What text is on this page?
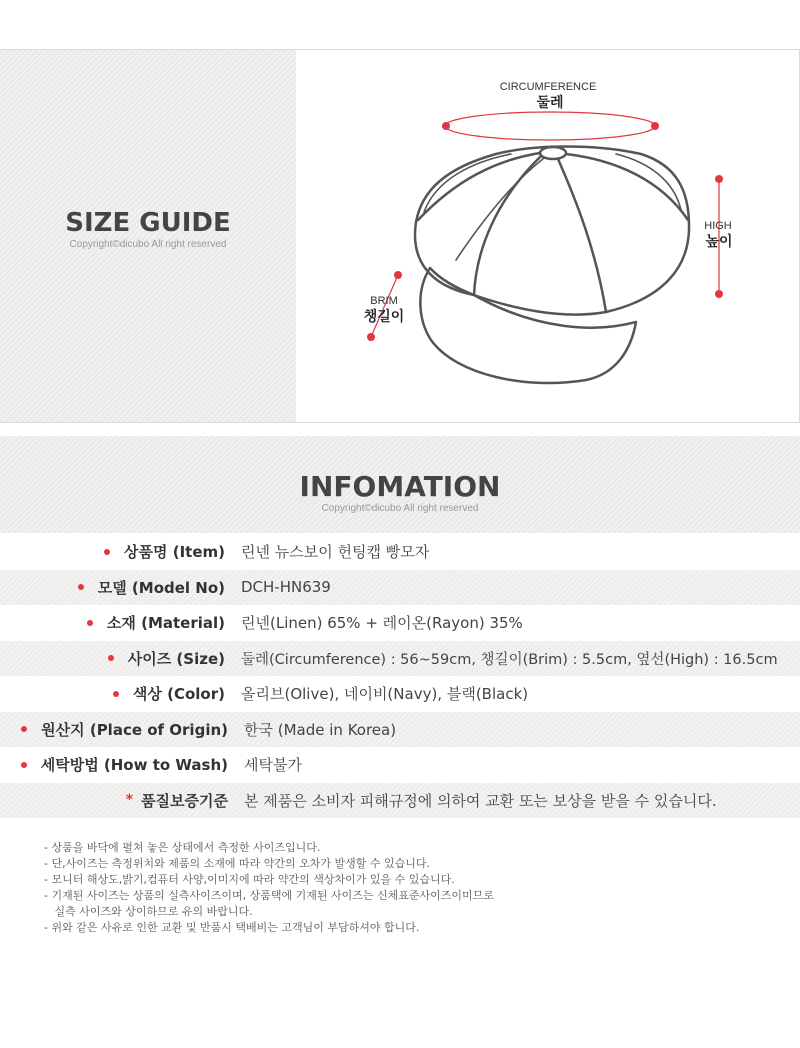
SIZE GUIDE
Copyright©dicubo All right reserved
CIRCUMFERENCE
둘레
HIGH
높이
BRIM
챙길이
INFOMATION
Copyright©dicubo All right reserved
상품명 (Item) 린넨 뉴스보이 헌팅캡 빵모자
모델 (Model No) DCH-HN639
소재 (Material) 린넨(Linen) 65% + 레이온(Rayon) 35%
사이즈 (Size) 둘레(Circumference) : 56~59cm, 챙길이(Brim) : 5.5cm, 옆선(High) : 16.5cm
색상 (Color) 올리브(Olive), 네이비(Navy), 블랙(Black)
원산지 (Place of Origin) 한국 (Made in Korea)
세탁방법 (How to Wash) 세탁불가
* 품질보증기준 본 제품은 소비자 피해규정에 의하여 교환 또는 보상을 받을 수 있습니다.
- 상품을 바닥에 펼쳐 놓은 상태에서 측정한 사이즈입니다.
- 단,사이즈는 측정위치와 제품의 소재에 따라 약간의 오차가 발생할 수 있습니다.
- 모니터 해상도,밝기,컴퓨터 사양,이미지에 따라 약간의 색상차이가 있을 수 있습니다.
- 기재된 사이즈는 상품의 실측사이즈이며, 상품택에 기재된 사이즈는 신체표준사이즈이미므로
실측 사이즈와 상이하므로 유의 바랍니다.
- 위와 같은 사유로 인한 교환 및 반품시 택배비는 고객님이 부담하셔야 합니다.
